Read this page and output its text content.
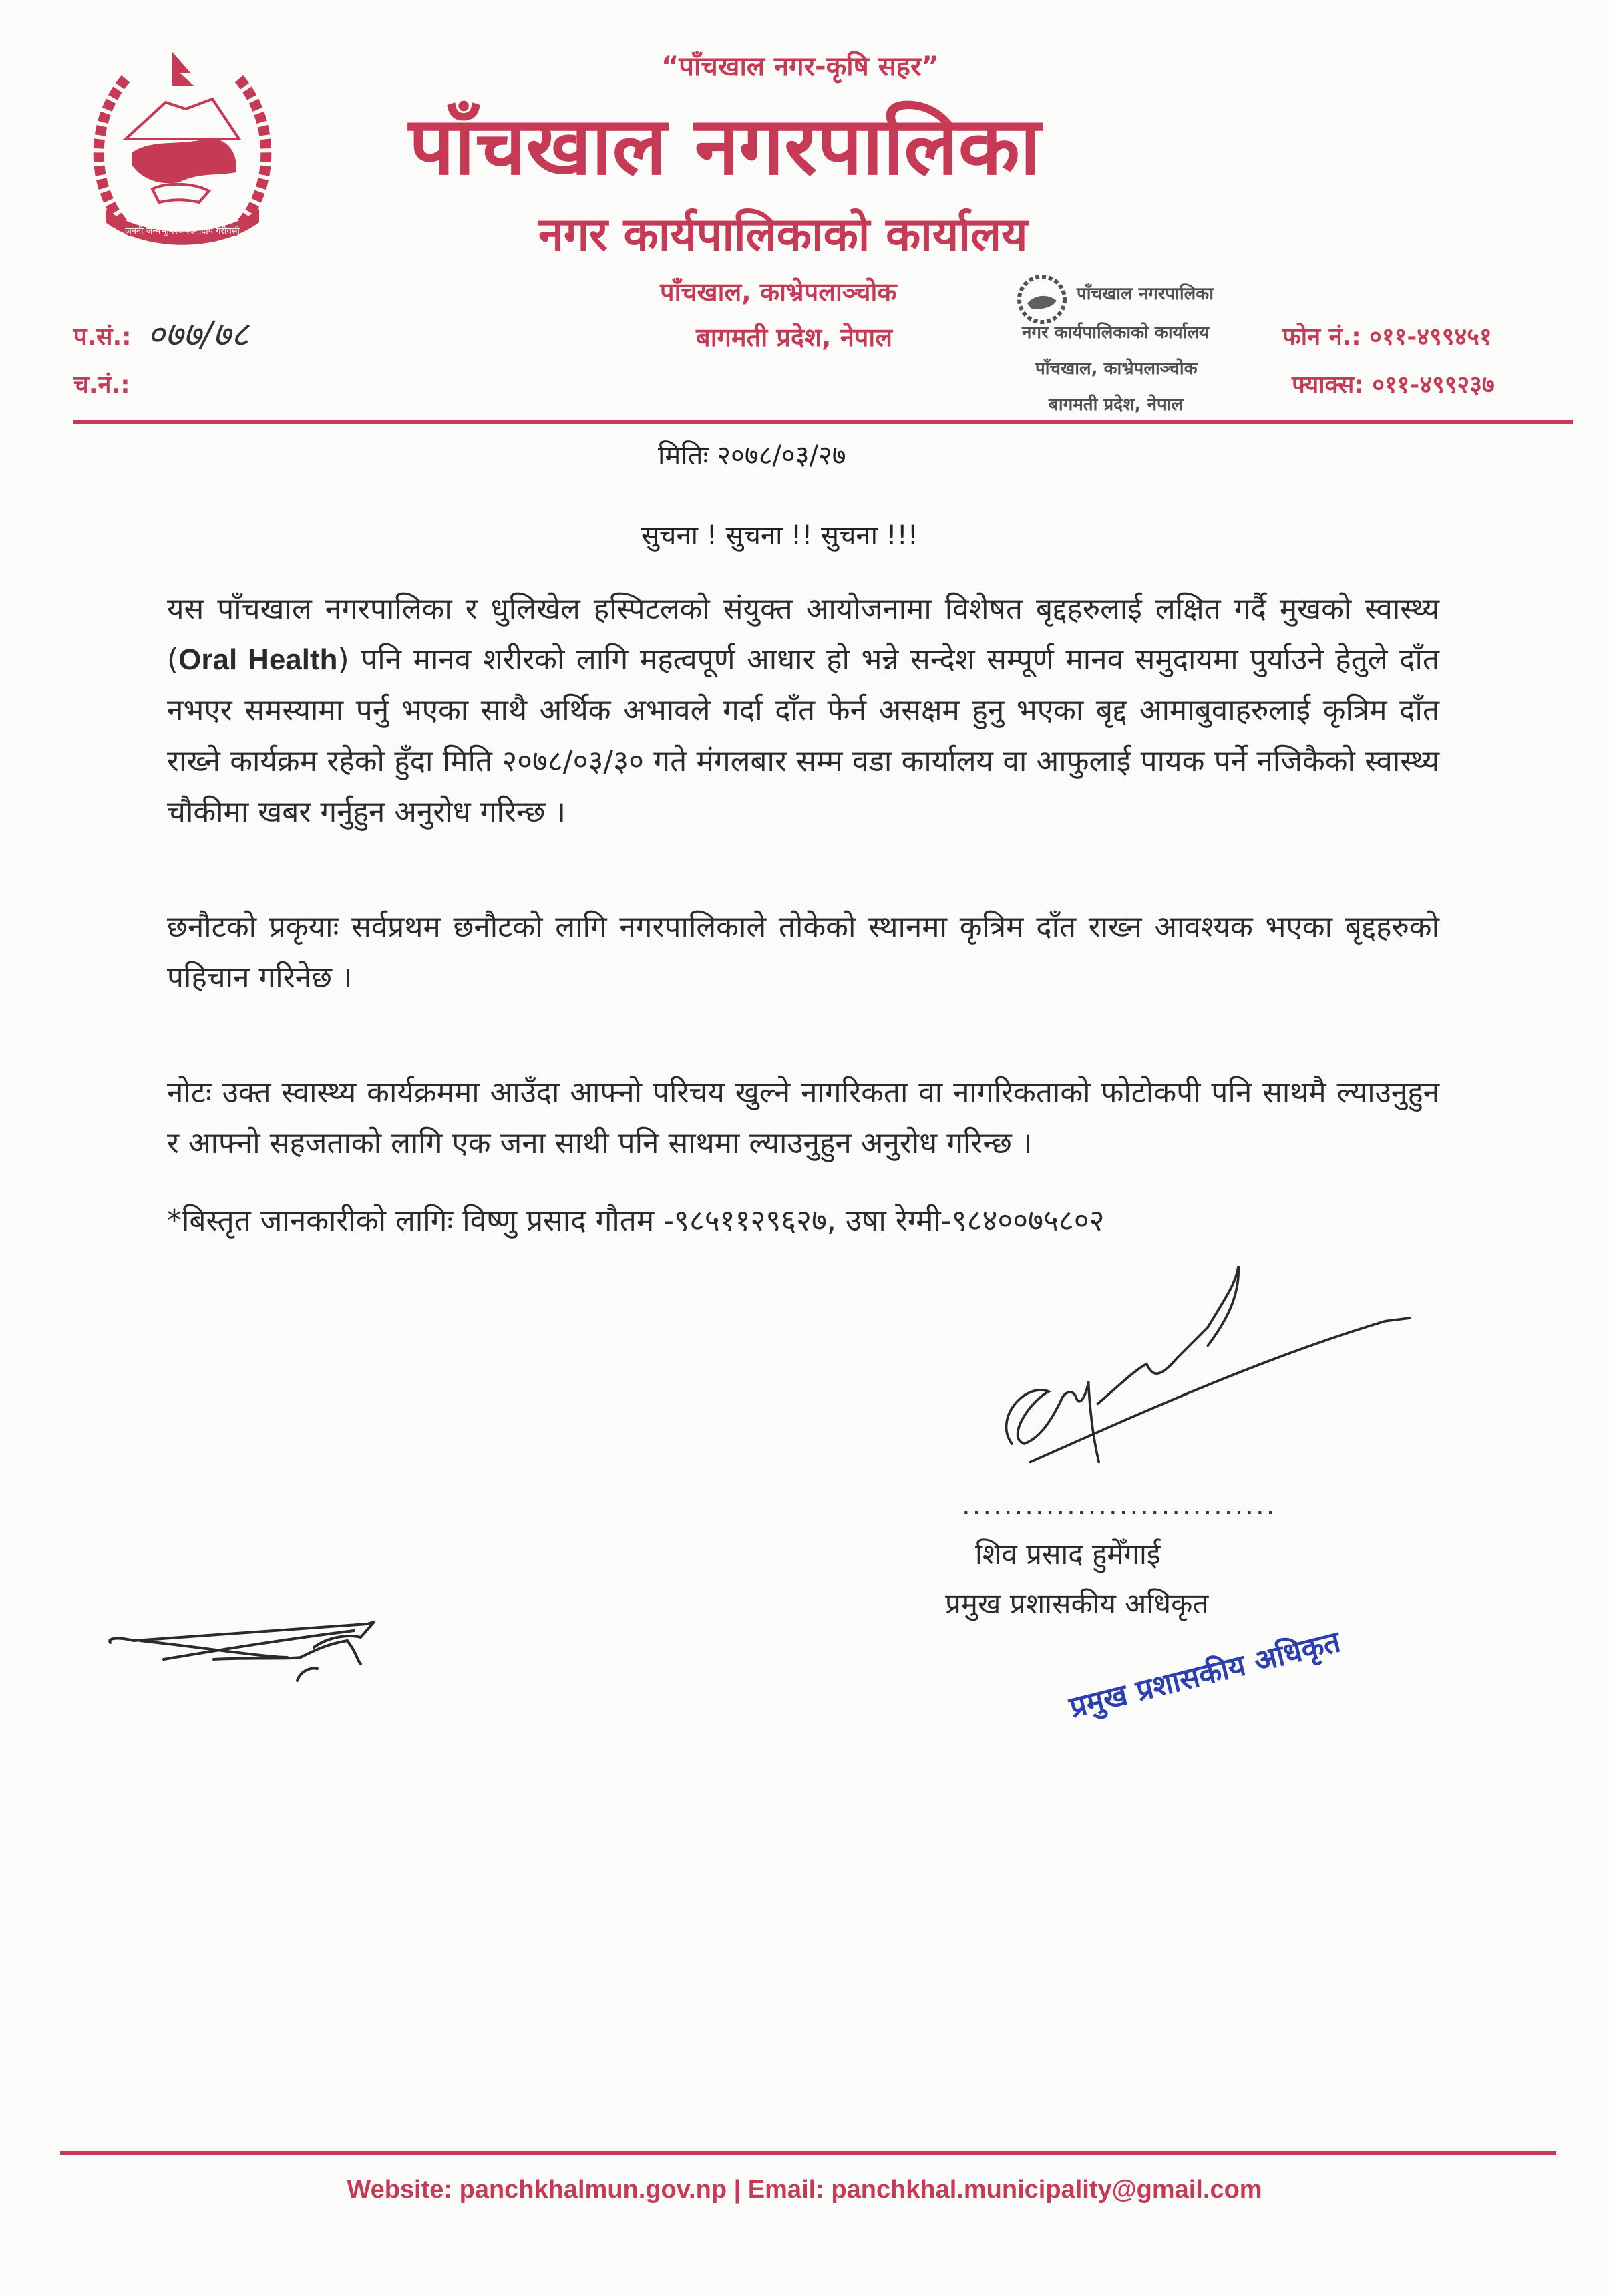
जननी जन्मभूमिश्च स्वर्गादपि गरीयसी
“पाँचखाल नगर-कृषि सहर”
पाँचखाल नगरपालिका
नगर कार्यपालिकाको कार्यालय
पाँचखाल, काभ्रेपलाञ्चोक
बागमती प्रदेश, नेपाल
प.सं.: ०७७/७८
च.नं.:
फोन नं.: ०११-४९९४५१
फ्याक्स: ०११-४९९२३७
पाँचखाल नगरपालिका
नगर कार्यपालिकाको कार्यालय
पाँचखाल, काभ्रेपलाञ्चोक
बागमती प्रदेश, नेपाल
मितिः २०७८/०३/२७
सुचना ! सुचना !! सुचना !!!

यस पाँचखाल नगरपालिका र धुलिखेल हस्पिटलको संयुक्त आयोजनामा विशेषत बृद्दहरुलाई लक्षित गर्दै मुखको स्वास्थ्य (Oral Health) पनि मानव शरीरको लागि महत्वपूर्ण आधार हो भन्ने सन्देश सम्पूर्ण मानव समुदायमा पुर्याउने हेतुले दाँत नभएर समस्यामा पर्नु भएका साथै अर्थिक अभावले गर्दा दाँत फेर्न असक्षम हुनु भएका बृद्द आमाबुवाहरुलाई कृत्रिम दाँत राख्ने कार्यक्रम रहेको हुँदा मिति २०७८/०३/३० गते मंगलबार सम्म वडा कार्यालय वा आफुलाई पायक पर्ने नजिकैको स्वास्थ्य चौकीमा खबर गर्नुहुन अनुरोध गरिन्छ ।

छनौटको प्रकृयाः सर्वप्रथम छनौटको लागि नगरपालिकाले तोकेको स्थानमा कृत्रिम दाँत राख्न आवश्यक भएका बृद्दहरुको पहिचान गरिनेछ ।

नोटः उक्त स्वास्थ्य कार्यक्रममा आउँदा आफ्नो परिचय खुल्ने नागरिकता वा नागरिकताको फोटोकपी पनि साथमै ल्याउनुहुन र आफ्नो सहजताको लागि एक जना साथी पनि साथमा ल्याउनुहुन अनुरोध गरिन्छ ।

*बिस्तृत जानकारीको लागिः विष्णु प्रसाद गौतम -९८५११२९६२७, उषा रेग्मी-९८४००७५८०२

..............................
शिव प्रसाद हुमेँगाई
प्रमुख प्रशासकीय अधिकृत
प्रमुख प्रशासकीय अधिकृत
Website: panchkhalmun.gov.np | Email: panchkhal.municipality@gmail.com
